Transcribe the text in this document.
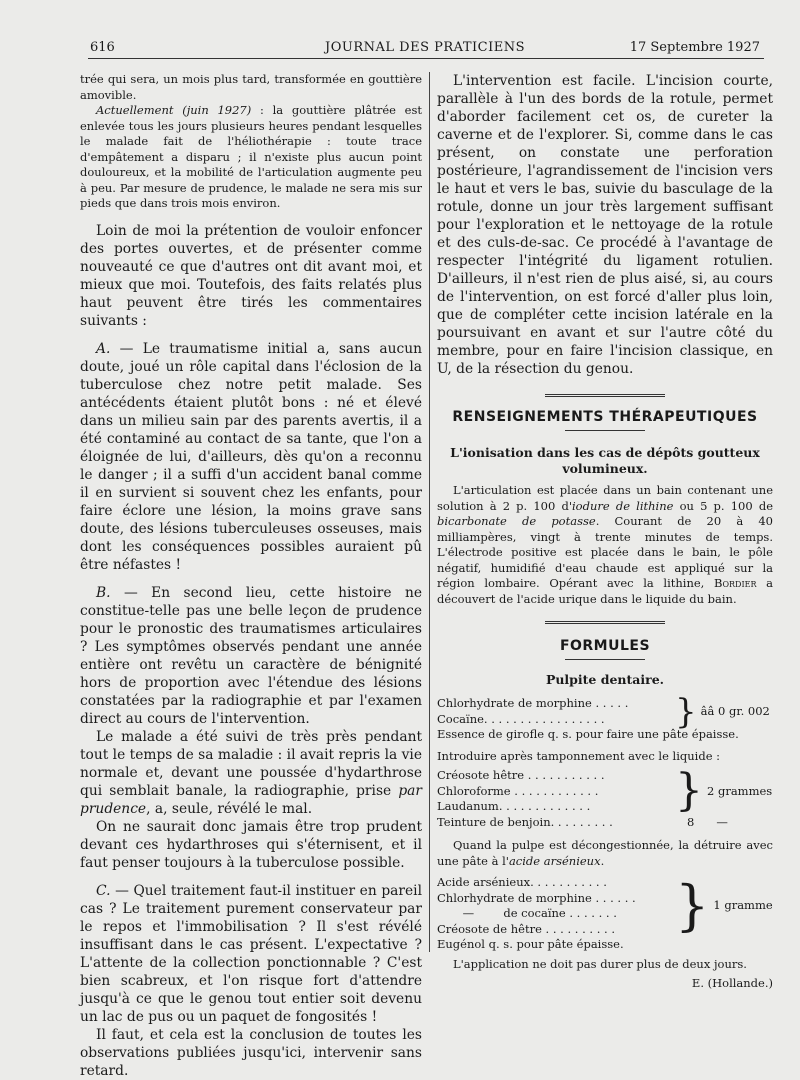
616	JOURNAL DES PRATICIENS	17 Septembre 1927

trée qui sera, un mois plus tard, transformée en gouttière amovible.

Actuellement (juin 1927) : la gouttière plâtrée est enlevée tous les jours plusieurs heures pendant lesquelles le malade fait de l'héliothérapie : toute trace d'empâtement a disparu ; il n'existe plus aucun point douloureux, et la mobilité de l'articulation augmente peu à peu. Par mesure de prudence, le malade ne sera mis sur pieds que dans trois mois environ.

Loin de moi la prétention de vouloir enfoncer des portes ouvertes, et de présenter comme nouveauté ce que d'autres ont dit avant moi, et mieux que moi. Toutefois, des faits relatés plus haut peuvent être tirés les commentaires suivants :

A. — Le traumatisme initial a, sans aucun doute, joué un rôle capital dans l'éclosion de la tuberculose chez notre petit malade. Ses antécédents étaient plutôt bons : né et élevé dans un milieu sain par des parents avertis, il a été contaminé au contact de sa tante, que l'on a éloignée de lui, d'ailleurs, dès qu'on a reconnu le danger ; il a suffi d'un accident banal comme il en survient si souvent chez les enfants, pour faire éclore une lésion, la moins grave sans doute, des lésions tuberculeuses osseuses, mais dont les conséquences possibles auraient pû être néfastes !

B. — En second lieu, cette histoire ne constitue-telle pas une belle leçon de prudence pour le pronostic des traumatismes articulaires ? Les symptômes observés pendant une année entière ont revêtu un caractère de bénignité hors de proportion avec l'étendue des lésions constatées par la radiographie et par l'examen direct au cours de l'intervention.

Le malade a été suivi de très près pendant tout le temps de sa maladie : il avait repris la vie normale et, devant une poussée d'hydarthrose qui semblait banale, la radiographie, prise par prudence, a, seule, révélé le mal.

On ne saurait donc jamais être trop prudent devant ces hydarthroses qui s'éternisent, et il faut penser toujours à la tuberculose possible.

C. — Quel traitement faut-il instituer en pareil cas ? Le traitement purement conservateur par le repos et l'immobilisation ? Il s'est révélé insuffisant dans le cas présent. L'expectative ? L'attente de la collection ponctionnable ? C'est bien scabreux, et l'on risque fort d'attendre jusqu'à ce que le genou tout entier soit devenu un lac de pus ou un paquet de fongosités !

Il faut, et cela est la conclusion de toutes les observations publiées jusqu'ici, intervenir sans retard.

L'intervention est facile. L'incision courte, parallèle à l'un des bords de la rotule, permet d'aborder facilement cet os, de cureter la caverne et de l'explorer. Si, comme dans le cas présent, on constate une perforation postérieure, l'agrandissement de l'incision vers le haut et vers le bas, suivie du basculage de la rotule, donne un jour très largement suffisant pour l'exploration et le nettoyage de la rotule et des culs-de-sac. Ce procédé à l'avantage de respecter l'intégrité du ligament rotulien. D'ailleurs, il n'est rien de plus aisé, si, au cours de l'intervention, on est forcé d'aller plus loin, que de compléter cette incision latérale en la poursuivant en avant et sur l'autre côté du membre, pour en faire l'incision classique, en U, de la résection du genou.

RENSEIGNEMENTS THÉRAPEUTIQUES
L'ionisation dans les cas de dépôts goutteux volumineux.

L'articulation est placée dans un bain contenant une solution à 2 p. 100 d'iodure de lithine ou 5 p. 100 de bicarbonate de potasse. Courant de 20 à 40 milliampères, vingt à trente minutes de temps. L'électrode positive est placée dans le bain, le pôle négatif, humidifié d'eau chaude est appliqué sur la région lombaire. Opérant avec la lithine, Bordier a découvert de l'acide urique dans le liquide du bain.

FORMULES
Pulpite dentaire.
Chlorhydrate de morphine . . . . .
Cocaïne. . . . . . . . . . . . . . . . .	} ââ 0 gr. 002
Essence de girofle q. s. pour faire une pâte épaisse.
Introduire après tamponnement avec le liquide :
Créosote hêtre . . . . . . . . . . .
Chloroforme . . . . . . . . . . . .
Laudanum. . . . . . . . . . . . .	} 2 grammes
Teinture de benjoin. . . . . . . . .	8 —

Quand la pulpe est décongestionnée, la détruire avec une pâte à l'acide arsénieux.

Acide arsénieux. . . . . . . . . . .
Chlorhydrate de morphine . . . . . .
—        de cocaïne . . . . . . .
Créosote de hêtre . . . . . . . . . .	} 1 gramme
Eugénol q. s. pour pâte épaisse.
L'application ne doit pas durer plus de deux jours.
E. (Hollande.)
